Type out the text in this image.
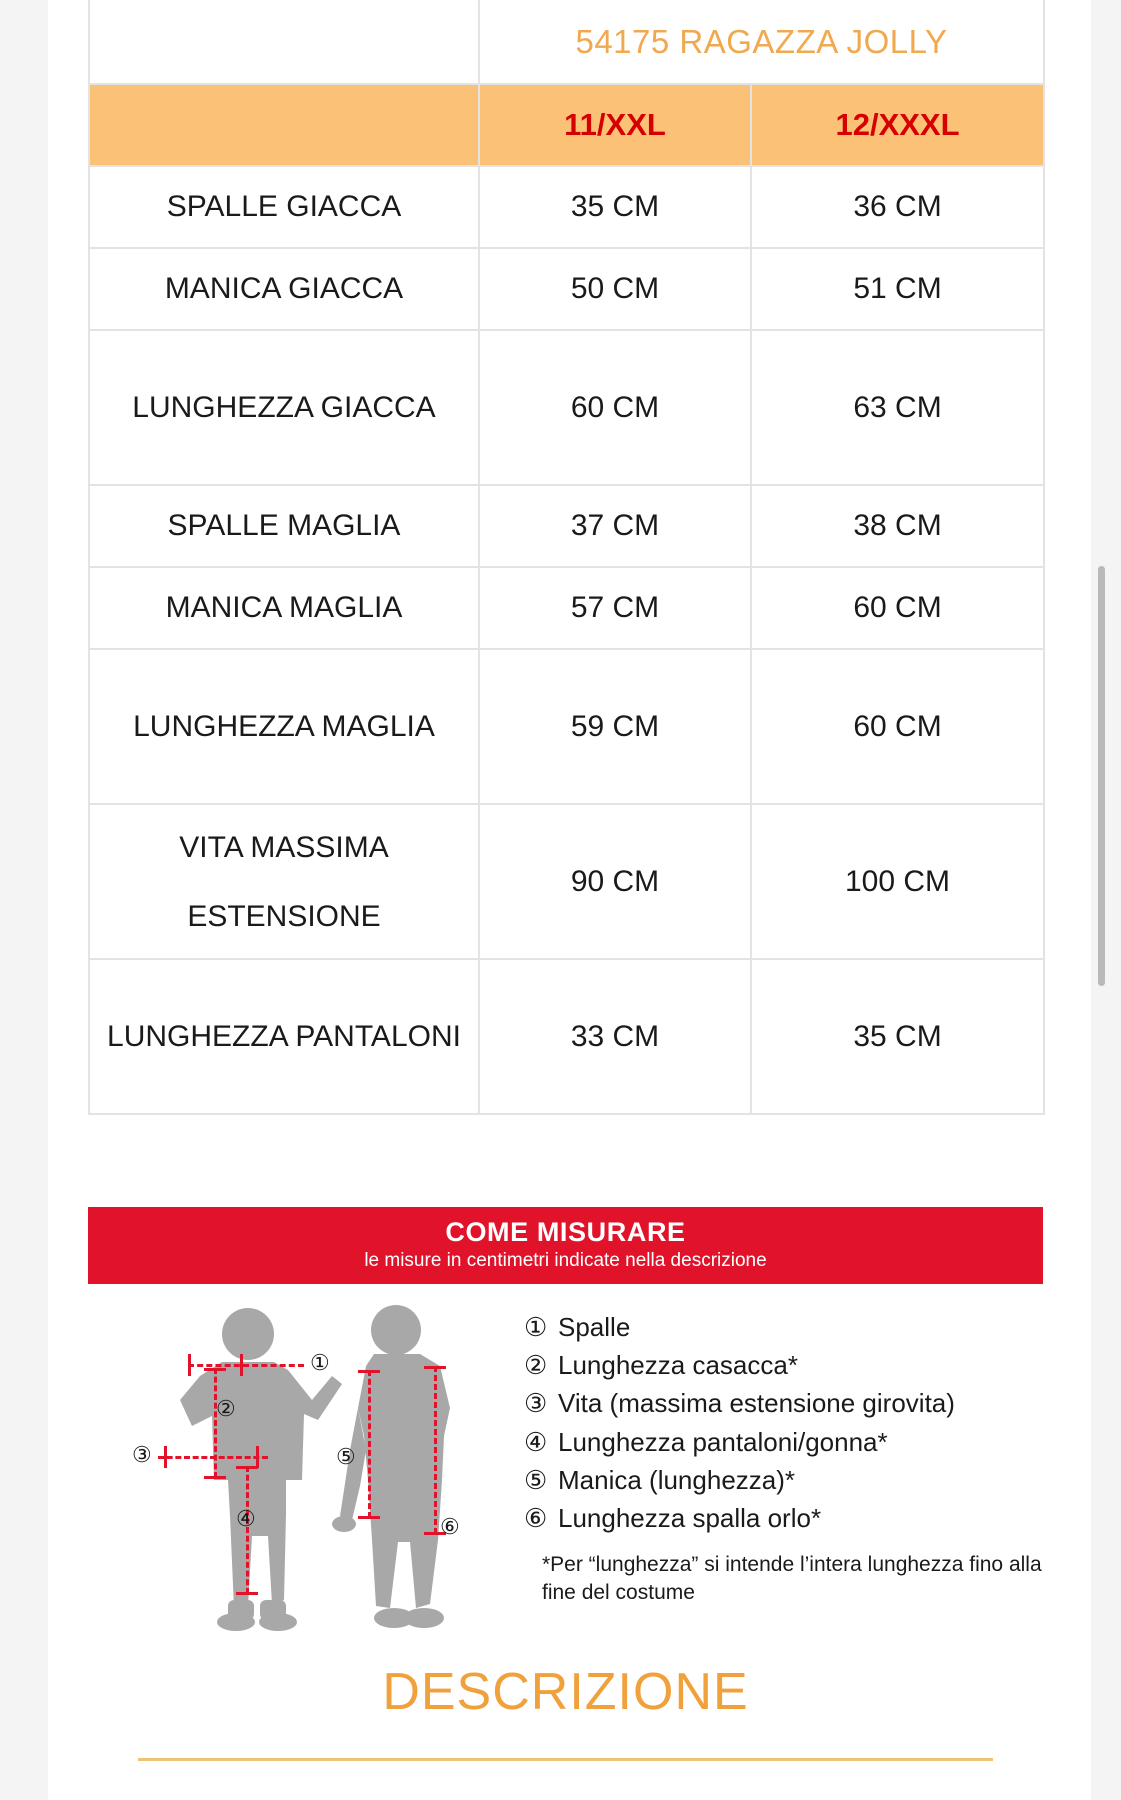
	54175 RAGAZZA JOLLY	
	11/XXL	12/XXXL
SPALLE GIACCA	35 CM	36 CM
MANICA GIACCA	50 CM	51 CM
LUNGHEZZA GIACCA	60 CM	63 CM
SPALLE MAGLIA	37 CM	38 CM
MANICA MAGLIA	57 CM	60 CM
LUNGHEZZA MAGLIA	59 CM	60 CM
VITA MASSIMA ESTENSIONE	90 CM	100 CM
LUNGHEZZA PANTALONI	33 CM	35 CM
COME MISURARE
le misure in centimetri indicate nella descrizione
①
②
③
④
⑤
⑥
① Spalle
② Lunghezza casacca*
③ Vita (massima estensione girovita)
④ Lunghezza pantaloni/gonna*
⑤ Manica (lunghezza)*
⑥ Lunghezza spalla orlo*
*Per “lunghezza” si intende l’intera lunghezza fino alla fine del costume
DESCRIZIONE
